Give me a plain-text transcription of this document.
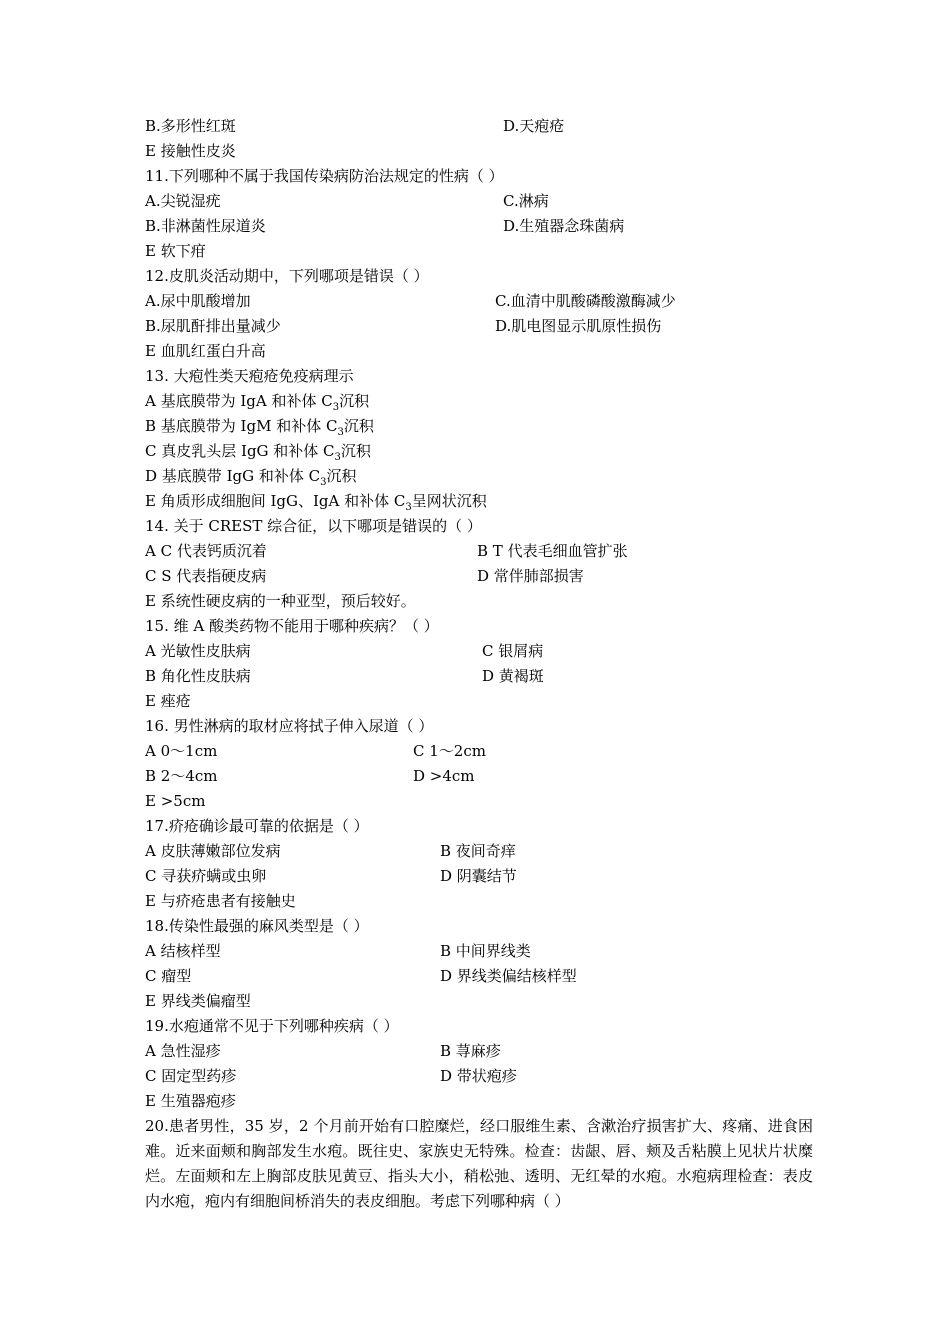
B.多形性红斑	D.天疱疮
E 接触性皮炎
11.下列哪种不属于我国传染病防治法规定的性病（ ）
A.尖锐湿疣	C.淋病
B.非淋菌性尿道炎	D.生殖器念珠菌病
E 软下疳
12.皮肌炎活动期中，下列哪项是错误（ ）
A.尿中肌酸增加	C.血清中肌酸磷酸激酶减少
B.尿肌酐排出量减少	D.肌电图显示肌原性损伤
E 血肌红蛋白升高
13. 大疱性类天疱疮免疫病理示
A 基底膜带为 IgA 和补体 $C_3$沉积
B 基底膜带为 IgM 和补体 $C_3$沉积
C 真皮乳头层 IgG 和补体 $C_3$沉积
D 基底膜带 IgG 和补体 $C_3$沉积
E 角质形成细胞间 IgG、IgA 和补体 $C_3$呈网状沉积
14. 关于 CREST 综合征，以下哪项是错误的（ ）
A C 代表钙质沉着	B T 代表毛细血管扩张
C S 代表指硬皮病	D 常伴肺部损害
E 系统性硬皮病的一种亚型，预后较好。
15. 维 A 酸类药物不能用于哪种疾病？（ ）
A 光敏性皮肤病	C 银屑病
B 角化性皮肤病	D 黄褐斑
E 痤疮
16. 男性淋病的取材应将拭子伸入尿道（ ）
A 0～1cm	C 1～2cm
B 2～4cm	D >4cm
E >5cm
17.疥疮确诊最可靠的依据是（ ）
A 皮肤薄嫩部位发病	B 夜间奇痒
C 寻获疥螨或虫卵	D 阴囊结节
E 与疥疮患者有接触史
18.传染性最强的麻风类型是（ ）
A 结核样型	B 中间界线类
C 瘤型	D 界线类偏结核样型
E 界线类偏瘤型
19.水疱通常不见于下列哪种疾病（ ）
A 急性湿疹	B 荨麻疹
C 固定型药疹	D 带状疱疹
E 生殖器疱疹
20.患者男性，35 岁，2 个月前开始有口腔糜烂，经口服维生素、含漱治疗损害扩大、疼痛、进食困难。近来面颊和胸部发生水疱。既往史、家族史无特殊。检查：齿龈、唇、颊及舌粘膜上见状片状糜烂。左面颊和左上胸部皮肤见黄豆、指头大小，稍松弛、透明、无红晕的水疱。水疱病理检查：表皮内水疱，疱内有细胞间桥消失的表皮细胞。考虑下列哪种病（ ）
